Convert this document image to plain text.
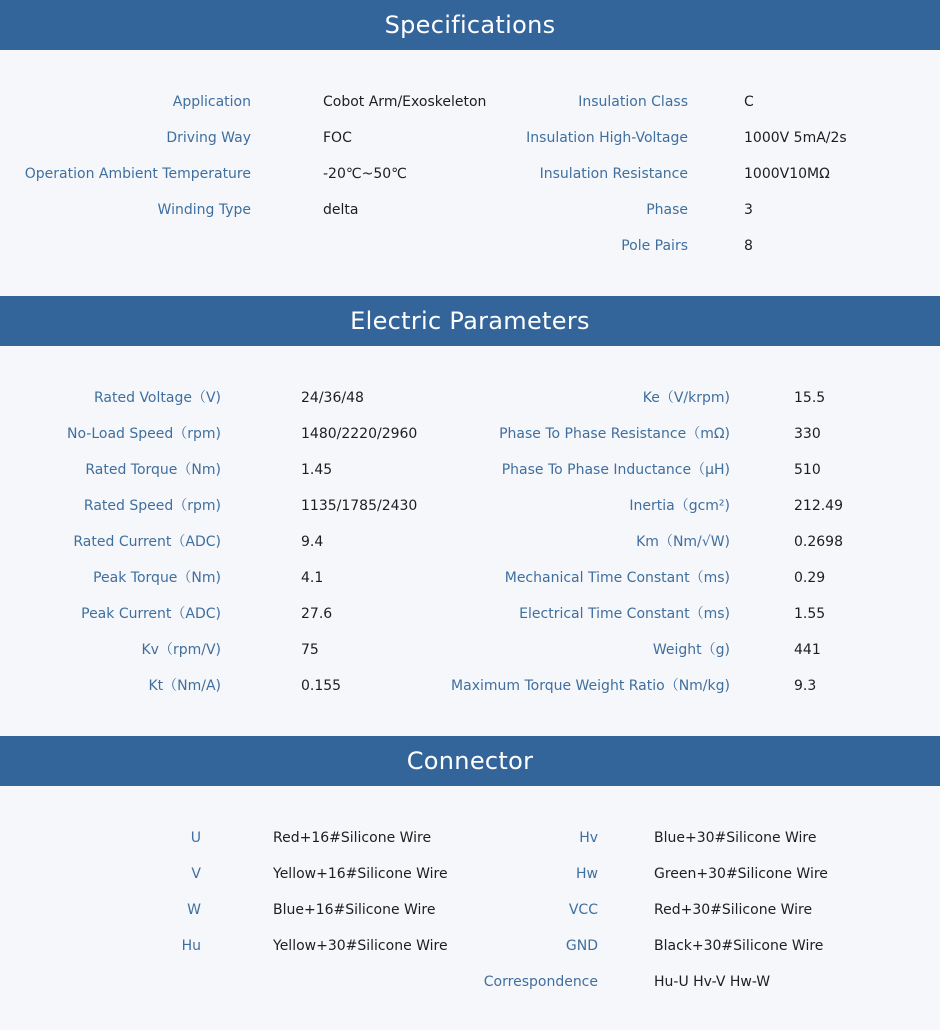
Specifications
Electric Parameters
Connector
Application	Cobot Arm/Exoskeleton
Driving Way	FOC
Operation Ambient Temperature	-20℃~50℃
Winding Type	delta
Insulation Class	C
Insulation High-Voltage	1000V 5mA/2s
Insulation Resistance	1000V10MΩ
Phase	3
Pole Pairs	8
Rated Voltage（V)	24/36/48
No-Load Speed（rpm)	1480/2220/2960
Rated Torque（Nm)	1.45
Rated Speed（rpm)	1135/1785/2430
Rated Current（ADC)	9.4
Peak Torque（Nm)	4.1
Peak Current（ADC)	27.6
Kv（rpm/V)	75
Kt（Nm/A)	0.155
Ke（V/krpm)	15.5
Phase To Phase Resistance（mΩ)	330
Phase To Phase Inductance（μH)	510
Inertia（gcm²)	212.49
Km（Nm/√W)	0.2698
Mechanical Time Constant（ms)	0.29
Electrical Time Constant（ms)	1.55
Weight（g)	441
Maximum Torque Weight Ratio（Nm/kg)	9.3
U	Red+16#Silicone Wire
V	Yellow+16#Silicone Wire
W	Blue+16#Silicone Wire
Hu	Yellow+30#Silicone Wire
Hv	Blue+30#Silicone Wire
Hw	Green+30#Silicone Wire
VCC	Red+30#Silicone Wire
GND	Black+30#Silicone Wire
Correspondence	Hu-U Hv-V Hw-W
